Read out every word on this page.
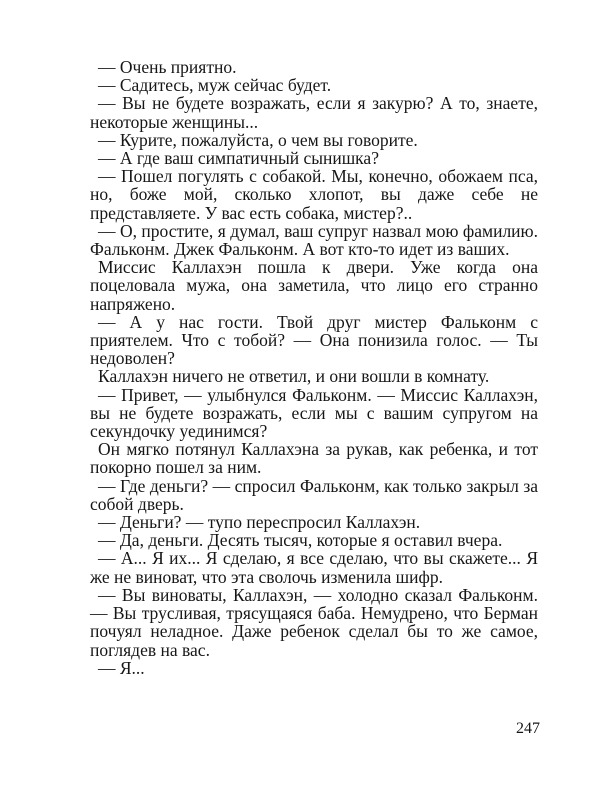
— Очень приятно.

— Садитесь, муж сейчас будет.

— Вы не будете возражать, если я закурю? А то, знаете, некоторые женщины...

— Курите, пожалуйста, о чем вы говорите.

— А где ваш симпатичный сынишка?

— Пошел погулять с собакой. Мы, конечно, обожаем пса, но, боже мой, сколько хлопот, вы даже себе не представляете. У вас есть собака, мистер?..

— О, простите, я думал, ваш супруг назвал мою фамилию. Фальконм. Джек Фальконм. А вот кто-то идет из ваших.

Миссис Каллахэн пошла к двери. Уже когда она поцеловала мужа, она заметила, что лицо его странно напряжено.

— А у нас гости. Твой друг мистер Фальконм с приятелем. Что с тобой? — Она понизила голос. — Ты недоволен?

Каллахэн ничего не ответил, и они вошли в комнату.

— Привет, — улыбнулся Фальконм. — Миссис Каллахэн, вы не будете возражать, если мы с вашим супругом на секундочку уединимся?

Он мягко потянул Каллахэна за рукав, как ребенка, и тот покорно пошел за ним.

— Где деньги? — спросил Фальконм, как только закрыл за собой дверь.

— Деньги? — тупо переспросил Каллахэн.

— Да, деньги. Десять тысяч, которые я оставил вчера.

— А... Я их... Я сделаю, я все сделаю, что вы скажете... Я же не виноват, что эта сволочь изменила шифр.

— Вы виноваты, Каллахэн, — холодно сказал Фальконм. — Вы трусливая, трясущаяся баба. Немудрено, что Берман почуял неладное. Даже ребенок сделал бы то же самое, поглядев на вас.

— Я...

247
